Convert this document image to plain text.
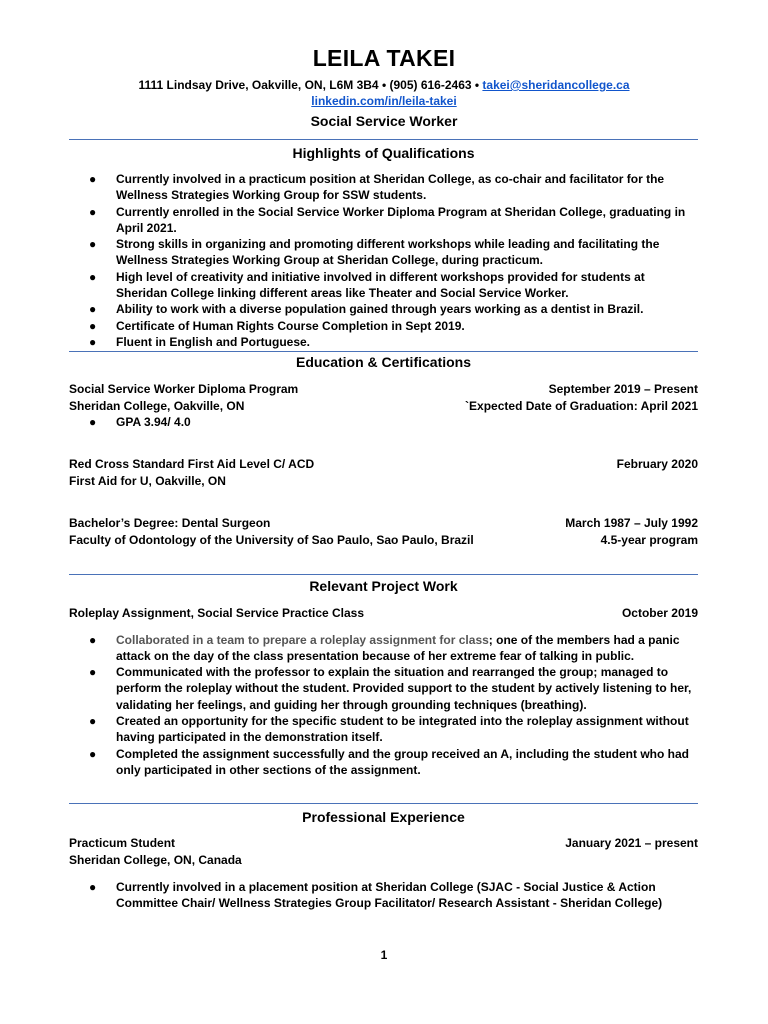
LEILA TAKEI
1111 Lindsay Drive, Oakville, ON, L6M 3B4 • (905) 616-2463 • takei@sheridancollege.ca
linkedin.com/in/leila-takei
Social Service Worker
Highlights of Qualifications
● Currently involved in a practicum position at Sheridan College, as co-chair and facilitator for the Wellness Strategies Working Group for SSW students.
● Currently enrolled in the Social Service Worker Diploma Program at Sheridan College, graduating in April 2021.
● Strong skills in organizing and promoting different workshops while leading and facilitating the Wellness Strategies Working Group at Sheridan College, during practicum.
● High level of creativity and initiative involved in different workshops provided for students at Sheridan College linking different areas like Theater and Social Service Worker.
● Ability to work with a diverse population gained through years working as a dentist in Brazil.
● Certificate of Human Rights Course Completion in Sept 2019.
● Fluent in English and Portuguese.
Education & Certifications
Social Service Worker Diploma Program	September 2019 – Present
Sheridan College, Oakville, ON	`Expected Date of Graduation: April 2021
● GPA 3.94/ 4.0
Red Cross Standard First Aid Level C/ ACD	February 2020
First Aid for U, Oakville, ON
Bachelor’s Degree: Dental Surgeon	March 1987 – July 1992
Faculty of Odontology of the University of Sao Paulo, Sao Paulo, Brazil	4.5-year program
Relevant Project Work
Roleplay Assignment, Social Service Practice Class	October 2019
● Collaborated in a team to prepare a roleplay assignment for class; one of the members had a panic attack on the day of the class presentation because of her extreme fear of talking in public.
● Communicated with the professor to explain the situation and rearranged the group; managed to perform the roleplay without the student. Provided support to the student by actively listening to her, validating her feelings, and guiding her through grounding techniques (breathing).
● Created an opportunity for the specific student to be integrated into the roleplay assignment without having participated in the demonstration itself.
● Completed the assignment successfully and the group received an A, including the student who had only participated in other sections of the assignment.
Professional Experience
Practicum Student	January 2021 – present
Sheridan College, ON, Canada
● Currently involved in a placement position at Sheridan College (SJAC - Social Justice & Action Committee Chair/ Wellness Strategies Group Facilitator/ Research Assistant - Sheridan College)
1
